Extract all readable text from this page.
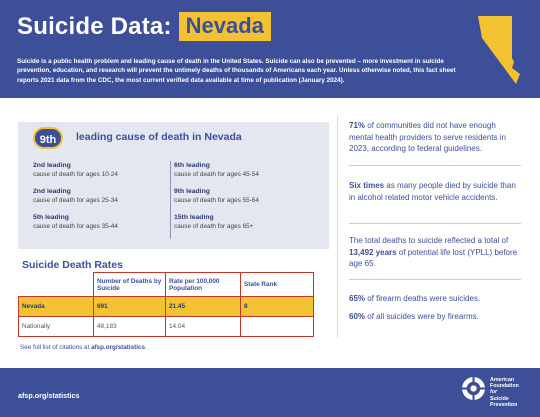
Suicide Data: Nevada
Suicide is a public health problem and leading cause of death in the United States. Suicide can also be prevented – more investment in suicide prevention, education, and research will prevent the untimely deaths of thousands of Americans each year. Unless otherwise noted, this fact sheet reports 2021 data from the CDC, the most current verified data available at time of publication (January 2024).
9th	leading cause of death in Nevada
2nd leading
cause of death for ages 10-24
2nd leading
cause of death for ages 25-34
5th leading
cause of death for ages 35-44
6th leading
cause of death for ages 45-54
9th leading
cause of death for ages 55-64
15th leading
cause of death for ages 65+
Suicide Death Rates
	Number of Deaths by Suicide	Rate per 100,000 Population	State Rank
Nevada	691	21.45	8
Nationally	48,183	14.04	
See full list of citations at afsp.org/statistics.
71% of communities did not have enough mental health providers to serve residents in 2023, according to federal guidelines.
Six times as many people died by suicide than in alcohol related motor vehicle accidents.
The total deaths to suicide reflected a total of 13,492 years of potential life lost (YPLL) before age 65.
65% of firearm deaths were suicides.
60% of all suicides were by firearms.
afsp.org/statistics
American
Foundation
for
Suicide
Prevention
